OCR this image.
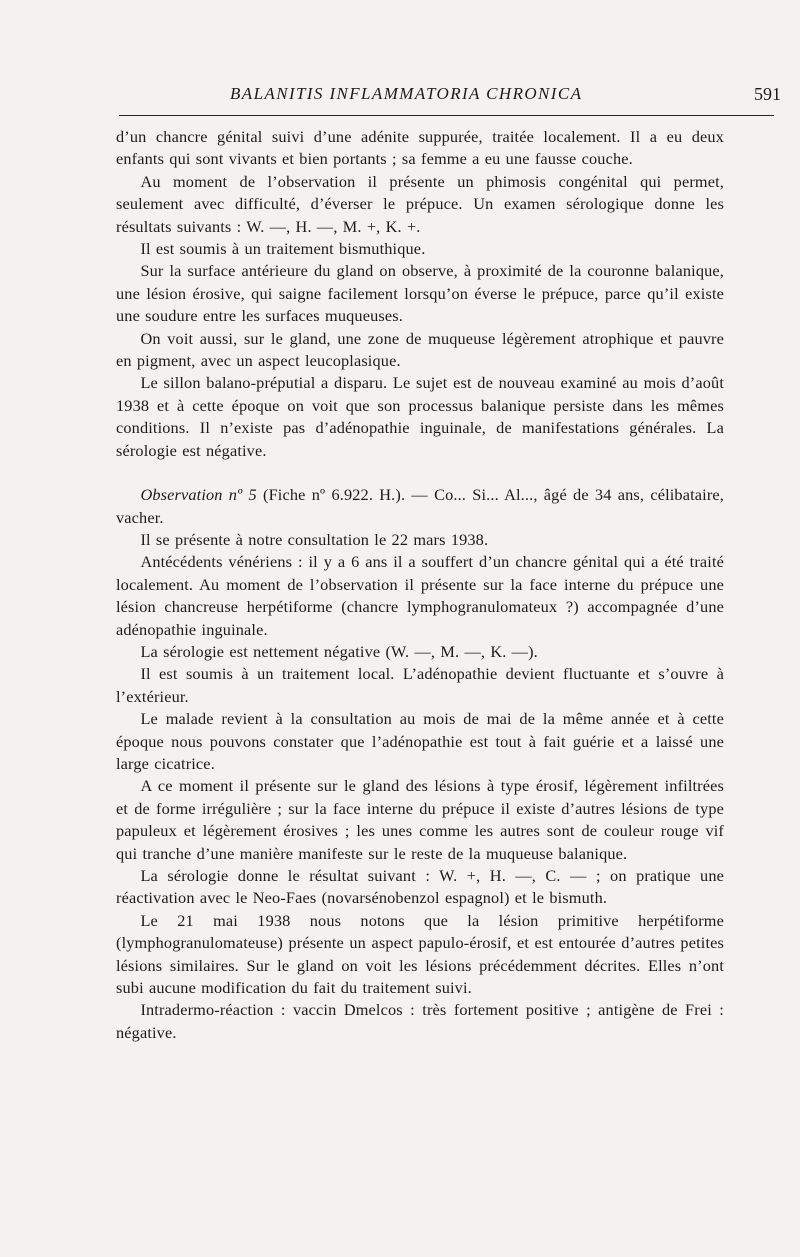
BALANITIS INFLAMMATORIA CHRONICA	591

d’un chancre génital suivi d’une adénite suppurée, traitée localement. Il a eu deux enfants qui sont vivants et bien portants ; sa femme a eu une fausse couche.

Au moment de l’observation il présente un phimosis congénital qui permet, seulement avec difficulté, d’éverser le prépuce. Un examen sérologique donne les résultats suivants : W. —, H. —, M. +, K. +.

Il est soumis à un traitement bismuthique.

Sur la surface antérieure du gland on observe, à proximité de la couronne balanique, une lésion érosive, qui saigne facilement lorsqu’on éverse le prépuce, parce qu’il existe une soudure entre les surfaces muqueuses.

On voit aussi, sur le gland, une zone de muqueuse légèrement atrophique et pauvre en pigment, avec un aspect leucoplasique.

Le sillon balano-préputial a disparu. Le sujet est de nouveau examiné au mois d’août 1938 et à cette époque on voit que son processus balanique persiste dans les mêmes conditions. Il n’existe pas d’adénopathie inguinale, de manifestations générales. La sérologie est négative.

Observation nº 5 (Fiche nº 6.922. H.). — Co... Si... Al..., âgé de 34 ans, célibataire, vacher.

Il se présente à notre consultation le 22 mars 1938.

Antécédents vénériens : il y a 6 ans il a souffert d’un chancre génital qui a été traité localement. Au moment de l’observation il présente sur la face interne du prépuce une lésion chancreuse herpétiforme (chancre lymphogranulomateux ?) accompagnée d’une adénopathie inguinale.

La sérologie est nettement négative (W. —, M. —, K. —).

Il est soumis à un traitement local. L’adénopathie devient fluctuante et s’ouvre à l’extérieur.

Le malade revient à la consultation au mois de mai de la même année et à cette époque nous pouvons constater que l’adénopathie est tout à fait guérie et a laissé une large cicatrice.

A ce moment il présente sur le gland des lésions à type érosif, légèrement infiltrées et de forme irrégulière ; sur la face interne du prépuce il existe d’autres lésions de type papuleux et légèrement érosives ; les unes comme les autres sont de couleur rouge vif qui tranche d’une manière manifeste sur le reste de la muqueuse balanique.

La sérologie donne le résultat suivant : W. +, H. —, C. — ; on pratique une réactivation avec le Neo-Faes (novarsénobenzol espagnol) et le bismuth.

Le 21 mai 1938 nous notons que la lésion primitive herpétiforme (lymphogranulomateuse) présente un aspect papulo-érosif, et est entourée d’autres petites lésions similaires. Sur le gland on voit les lésions précédemment décrites. Elles n’ont subi aucune modification du fait du traitement suivi.

Intradermo-réaction : vaccin Dmelcos : très fortement positive ; antigène de Frei : négative.
